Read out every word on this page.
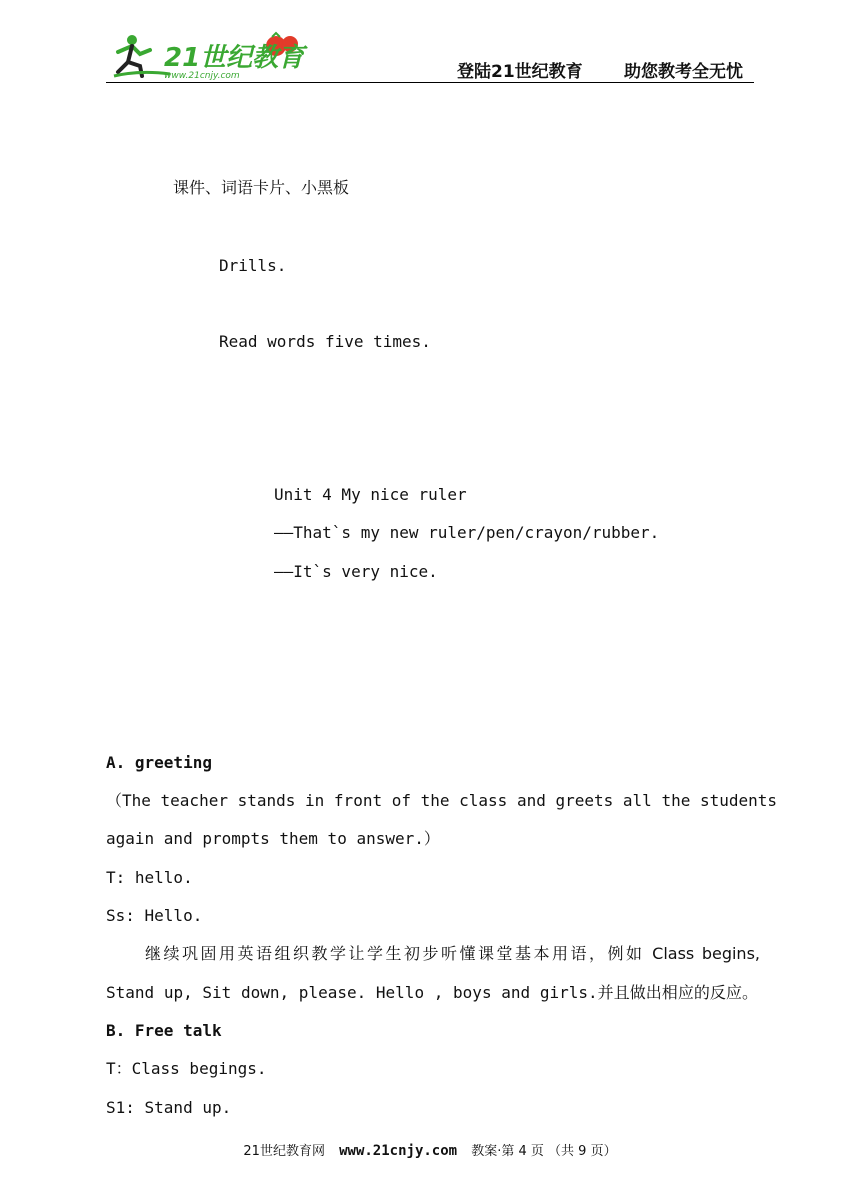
21世纪教育
www.21cnjy.com	登陆21世纪教育 助您教考全无忧
课件、词语卡片、小黑板
Drills.
Read words five times.
Unit 4 My nice ruler
——That`s my new ruler/pen/crayon/rubber.
——It`s very nice.
A. greeting
（The teacher stands in front of the class and greets all the students
again and prompts them to answer.）
T: hello.
Ss: Hello.
继续巩固用英语组织教学让学生初步听懂课堂基本用语，例如 Class begins,
Stand up, Sit down, please. Hello , boys and girls.并且做出相应的反应。
B. Free talk
T：Class begings.
S1: Stand up.
21世纪教育网 www.21cnjy.com 教案·第 4 页 （共 9 页）
